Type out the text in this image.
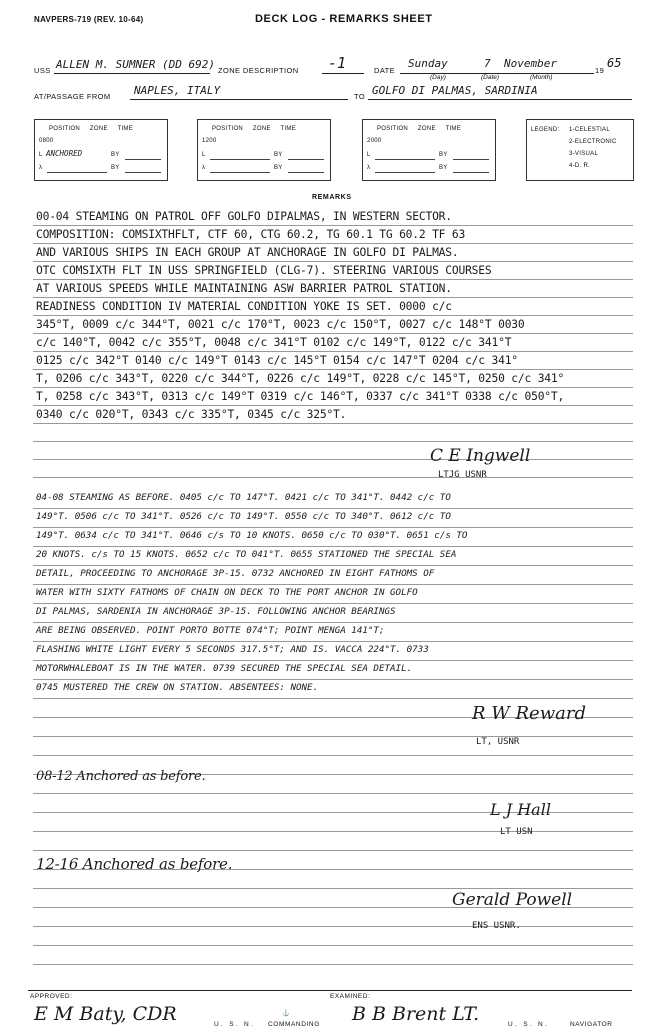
NAVPERS-719 (REV. 10-64)	DECK LOG - REMARKS SHEET
USS ALLEN M. SUMNER (DD 692) ZONE DESCRIPTION -1	DATE
Sunday	7 November
19
65
(Day)	(Date)	(Month)
AT/PASSAGE FROM NAPLES, ITALY	TO GOLFO DI PALMAS, SARDINIA
POSITION     ZONE     TIME
0800
L ANCHORED	BY
λ	BY
POSITION     ZONE     TIME
1200
L	BY
λ	BY
POSITION     ZONE     TIME
2000
L	BY
λ	BY
LEGEND: 1-CELESTIAL
2-ELECTRONIC
3-VISUAL
4-D. R.
REMARKS
00-04 STEAMING ON PATROL OFF GOLFO DIPALMAS, IN WESTERN SECTOR.
COMPOSITION: COMSIXTHFLT, CTF 60, CTG 60.2, TG 60.1 TG 60.2 TF 63
AND VARIOUS SHIPS IN EACH GROUP AT ANCHORAGE IN GOLFO DI PALMAS.
OTC COMSIXTH FLT IN USS SPRINGFIELD (CLG-7). STEERING VARIOUS COURSES
AT VARIOUS SPEEDS WHILE MAINTAINING ASW BARRIER PATROL STATION.
READINESS CONDITION IV MATERIAL CONDITION YOKE IS SET. 0000 c/c
345°T, 0009 c/c 344°T, 0021 c/c 170°T, 0023 c/c 150°T, 0027 c/c 148°T 0030
c/c 140°T, 0042 c/c 355°T, 0048 c/c 341°T 0102 c/c 149°T, 0122 c/c 341°T
0125 c/c 342°T 0140 c/c 149°T 0143 c/c 145°T 0154 c/c 147°T 0204 c/c 341°
T, 0206 c/c 343°T, 0220 c/c 344°T, 0226 c/c 149°T, 0228 c/c 145°T, 0250 c/c 341°
T, 0258 c/c 343°T, 0313 c/c 149°T 0319 c/c 146°T, 0337 c/c 341°T 0338 c/c 050°T,
0340 c/c 020°T, 0343 c/c 335°T, 0345 c/c 325°T.
C E Ingwell
LTJG USNR
04-08 STEAMING AS BEFORE. 0405 c/c TO 147°T. 0421 c/c TO 341°T. 0442 c/c TO
149°T. 0506 c/c TO 341°T. 0526 c/c TO 149°T. 0550 c/c TO 340°T. 0612 c/c TO
149°T. 0634 c/c TO 341°T. 0646 c/s TO 10 KNOTS. 0650 c/c TO 030°T. 0651 c/s TO
20 KNOTS. c/s TO 15 KNOTS. 0652 c/c TO 041°T. 0655 STATIONED THE SPECIAL SEA
DETAIL, PROCEEDING TO ANCHORAGE 3P-15. 0732 ANCHORED IN EIGHT FATHOMS OF
WATER WITH SIXTY FATHOMS OF CHAIN ON DECK TO THE PORT ANCHOR IN GOLFO
DI PALMAS, SARDENIA IN ANCHORAGE 3P-15. FOLLOWING ANCHOR BEARINGS
ARE BEING OBSERVED. POINT PORTO BOTTE 074°T; POINT MENGA 141°T;
FLASHING WHITE LIGHT EVERY 5 SECONDS 317.5°T; AND IS. VACCA 224°T. 0733
MOTORWHALEBOAT IS IN THE WATER. 0739 SECURED THE SPECIAL SEA DETAIL.
0745 MUSTERED THE CREW ON STATION. ABSENTEES: NONE.
R W Reward
LT, USNR
08-12 Anchored as before.
L J Hall
LT USN
12-16 Anchored as before.
Gerald Powell
ENS USNR.
APPROVED:
E M Baty, CDR	U. S. N.
⚓
COMMANDING
EXAMINED:
B B Brent LT.	U. S. N.	NAVIGATOR
